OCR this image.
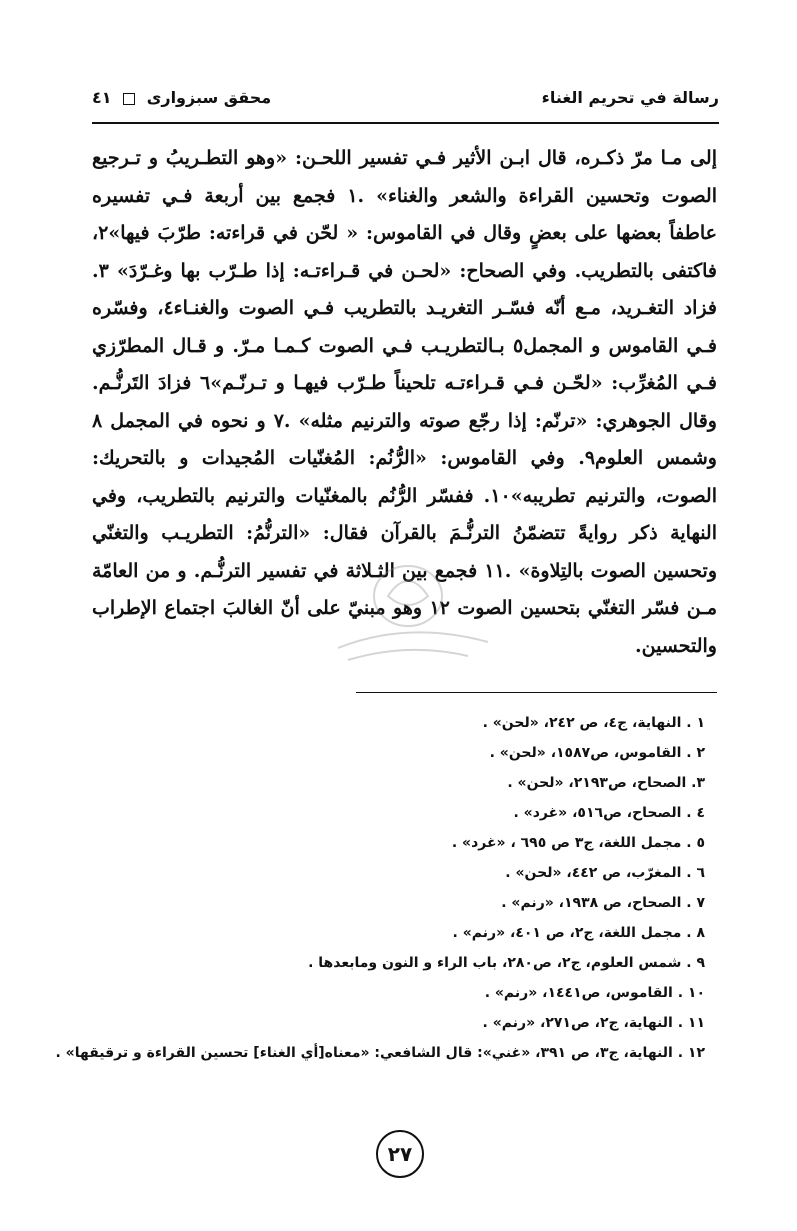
رسالة في تحريم الغناء
محقق سبزواری  ٤١

إلى مـا مرّ ذكـره، قال ابـن الأثير فـي تفسير اللحـن: «وهو التطـريبُ و تـرجيع الصوت وتحسين القراءة والشعر والغناء» .١ فجمع بين أربعة فـي تفسيره عاطفاً بعضها على بعضٍ وقال في القاموس: « لحّن في قراءته: طرّبَ فيها»٢، فاكتفى بالتطريب. وفي الصحاح: «لحـن في قـراءتـه: إذا طـرّب بها وغـرّدَ» ٣. فزاد التغـريد، مـع أنّه فسّـر التغريـد بالتطريب فـي الصوت والغنـاء٤، وفسّره فـي القاموس و المجمل٥ بـالتطريـب فـي الصوت كـمـا مـرّ. و قـال المطرّزي فـي المُغرِّب: «لحّـن فـي قـراءتـه تلحيناً طـرّب فيهـا و تـرنّـم»٦ فزادَ التَرنُّـم. وقال الجوهري: «ترنّم: إذا رجّع صوته والترنيم مثله» .٧ و نحوه في المجمل ٨ وشمس العلوم٩. وفي القاموس: «الرُّنُم: المُغنّيات المُجيدات و بالتحريك: الصوت، والترنيم تطريبه»١٠. ففسّر الرُّنُم بالمغنّيات والترنيم بالتطريب، وفي النهاية ذكر روايةً تتضمّنُ الترنُّـمَ بالقرآن فقال: «الترنُّمُ: التطريـب والتغنّي وتحسين الصوت بالتِلاوة» .١١ فجمع بين الثـلاثة في تفسير الترنُّـم. و من العامّة مـن فسّر التغنّي بتحسين الصوت ١٢ وهو مبنيّ على أنّ الغالبَ اجتماع الإطراب والتحسين.

١ . النهاية، ج٤، ص ٢٤٢، «لحن» .
٢ . القاموس، ص١٥٨٧، «لحن» .
٣. الصحاح، ص٢١٩٣، «لحن» .
٤ . الصحاح، ص٥١٦، «غرد» .
٥ . مجمل اللغة، ج٣ ص ٦٩٥ ، «غرد» .
٦ . المغرّب، ص ٤٤٢، «لحن» .
٧ . الصحاح، ص ١٩٣٨، «رنم» .
٨ . مجمل اللغة، ج٢، ص ٤٠١، «رنم» .
٩ . شمس العلوم، ج٢، ص٢٨٠، باب الراء و النون ومابعدها .
١٠ . القاموس، ص١٤٤١، «رنم» .
١١ . النهاية، ج٢، ص٢٧١، «رنم» .
١٢ . النهاية، ج٣، ص ٣٩١، «غني»: قال الشافعي: «معناه[أي الغناء] تحسين القراءة و ترقيقها» .
٢٧
